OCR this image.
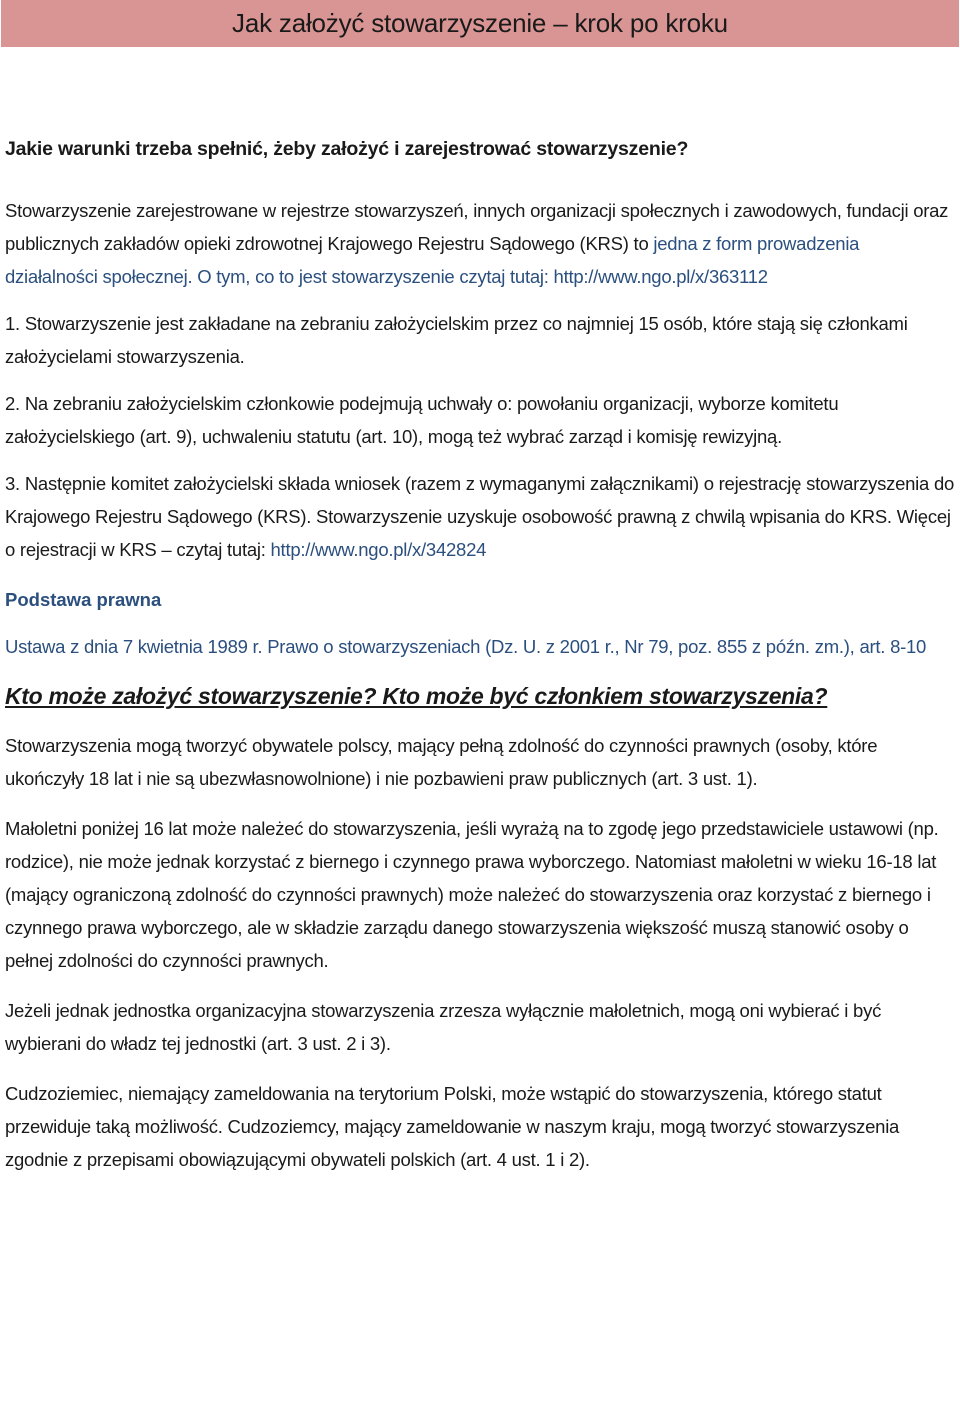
Jak założyć stowarzyszenie – krok po kroku
Jakie warunki trzeba spełnić, żeby założyć i zarejestrować stowarzyszenie?

Stowarzyszenie zarejestrowane w rejestrze stowarzyszeń, innych organizacji społecznych i zawodowych, fundacji oraz publicznych zakładów opieki zdrowotnej Krajowego Rejestru Sądowego (KRS) to jedna z form prowadzenia działalności społecznej. O tym, co to jest stowarzyszenie czytaj tutaj: http://www.ngo.pl/x/363112

1. Stowarzyszenie jest zakładane na zebraniu założycielskim przez co najmniej 15 osób, które stają się członkami założycielami stowarzyszenia.

2. Na zebraniu założycielskim członkowie podejmują uchwały o: powołaniu organizacji, wyborze komitetu założycielskiego (art. 9), uchwaleniu statutu (art. 10), mogą też wybrać zarząd i komisję rewizyjną.

3. Następnie komitet założycielski składa wniosek (razem z wymaganymi załącznikami) o rejestrację stowarzyszenia do Krajowego Rejestru Sądowego (KRS). Stowarzyszenie uzyskuje osobowość prawną z chwilą wpisania do KRS. Więcej o rejestracji w KRS – czytaj tutaj: http://www.ngo.pl/x/342824

Podstawa prawna
Ustawa z dnia 7 kwietnia 1989 r. Prawo o stowarzyszeniach (Dz. U. z 2001 r., Nr 79, poz. 855 z późn. zm.), art. 8-10
Kto może założyć stowarzyszenie? Kto może być członkiem stowarzyszenia?

Stowarzyszenia mogą tworzyć obywatele polscy, mający pełną zdolność do czynności prawnych (osoby, które ukończyły 18 lat i nie są ubezwłasnowolnione) i nie pozbawieni praw publicznych (art. 3 ust. 1).

Małoletni poniżej 16 lat może należeć do stowarzyszenia, jeśli wyrażą na to zgodę jego przedstawiciele ustawowi (np. rodzice), nie może jednak korzystać z biernego i czynnego prawa wyborczego. Natomiast małoletni w wieku 16-18 lat (mający ograniczoną zdolność do czynności prawnych) może należeć do stowarzyszenia oraz korzystać z biernego i czynnego prawa wyborczego, ale w składzie zarządu danego stowarzyszenia większość muszą stanowić osoby o pełnej zdolności do czynności prawnych.

Jeżeli jednak jednostka organizacyjna stowarzyszenia zrzesza wyłącznie małoletnich, mogą oni wybierać i być wybierani do władz tej jednostki (art. 3 ust. 2 i 3).

Cudzoziemiec, niemający zameldowania na terytorium Polski, może wstąpić do stowarzyszenia, którego statut przewiduje taką możliwość. Cudzoziemcy, mający zameldowanie w naszym kraju, mogą tworzyć stowarzyszenia zgodnie z przepisami obowiązującymi obywateli polskich (art. 4 ust. 1 i 2).
